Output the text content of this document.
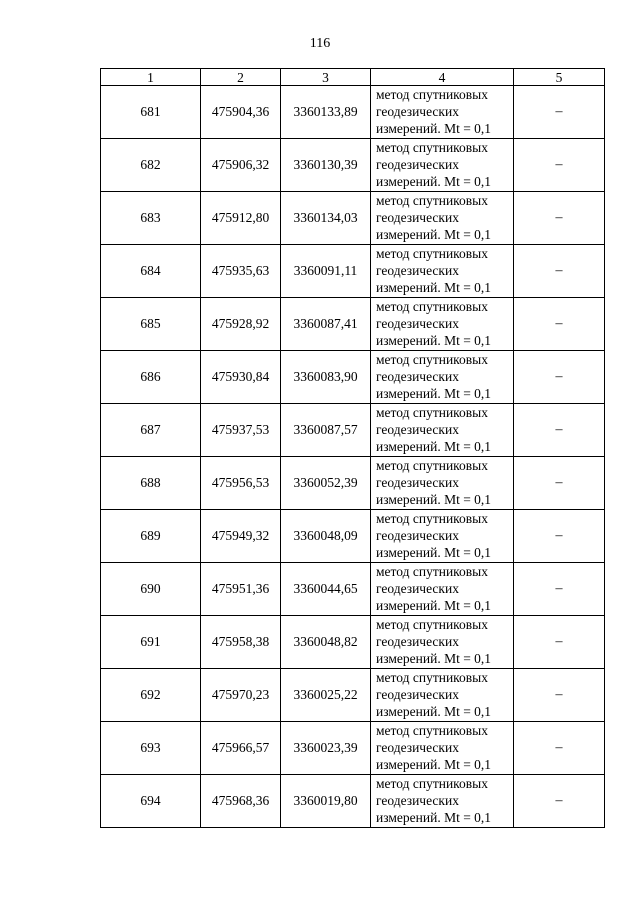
116
1	2	3	4	5
681	475904,36	3360133,89	метод спутниковых
геодезических
измерений. Mt = 0,1	–
682	475906,32	3360130,39	метод спутниковых
геодезических
измерений. Mt = 0,1	–
683	475912,80	3360134,03	метод спутниковых
геодезических
измерений. Mt = 0,1	–
684	475935,63	3360091,11	метод спутниковых
геодезических
измерений. Mt = 0,1	–
685	475928,92	3360087,41	метод спутниковых
геодезических
измерений. Mt = 0,1	–
686	475930,84	3360083,90	метод спутниковых
геодезических
измерений. Mt = 0,1	–
687	475937,53	3360087,57	метод спутниковых
геодезических
измерений. Mt = 0,1	–
688	475956,53	3360052,39	метод спутниковых
геодезических
измерений. Mt = 0,1	–
689	475949,32	3360048,09	метод спутниковых
геодезических
измерений. Mt = 0,1	–
690	475951,36	3360044,65	метод спутниковых
геодезических
измерений. Mt = 0,1	–
691	475958,38	3360048,82	метод спутниковых
геодезических
измерений. Mt = 0,1	–
692	475970,23	3360025,22	метод спутниковых
геодезических
измерений. Mt = 0,1	–
693	475966,57	3360023,39	метод спутниковых
геодезических
измерений. Mt = 0,1	–
694	475968,36	3360019,80	метод спутниковых
геодезических
измерений. Mt = 0,1	–
